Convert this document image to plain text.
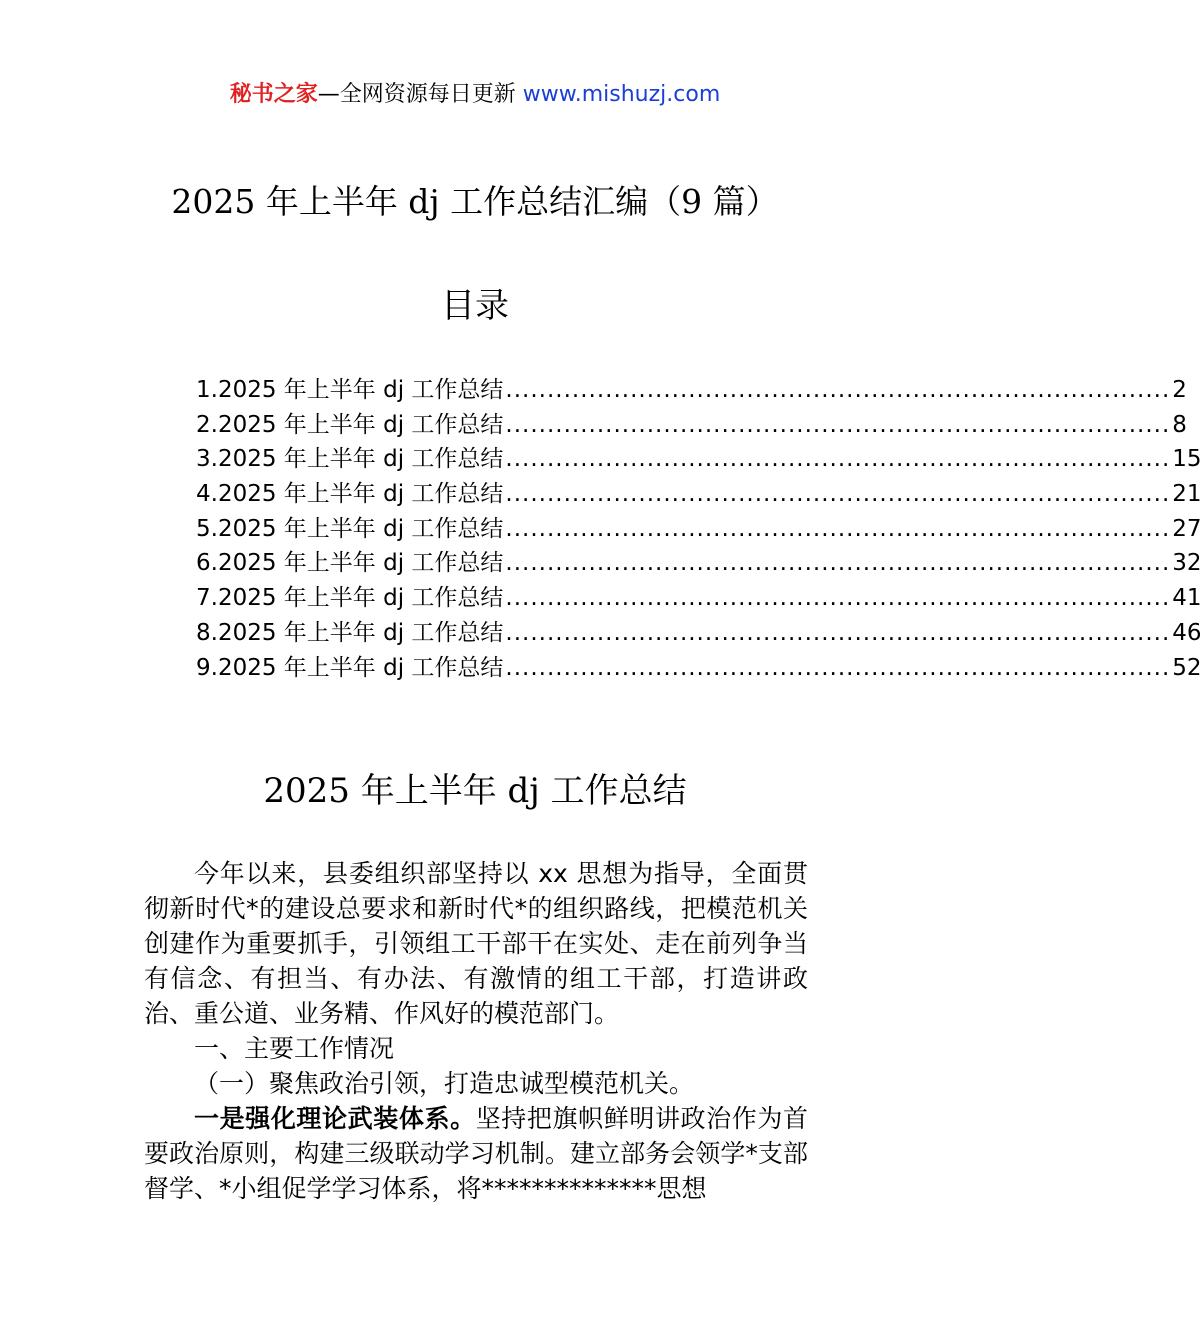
秘书之家—全网资源每日更新 www.mishuzj.com
2025 年上半年 dj 工作总结汇编（9 篇）
目录
1.2025 年上半年 dj 工作总结 ................................................................................ 2
2.2025 年上半年 dj 工作总结 ................................................................................ 8
3.2025 年上半年 dj 工作总结 ................................................................................ 15
4.2025 年上半年 dj 工作总结 ................................................................................ 21
5.2025 年上半年 dj 工作总结 ................................................................................ 27
6.2025 年上半年 dj 工作总结 ................................................................................ 32
7.2025 年上半年 dj 工作总结 ................................................................................ 41
8.2025 年上半年 dj 工作总结 ................................................................................ 46
9.2025 年上半年 dj 工作总结 ................................................................................ 52
2025 年上半年 dj 工作总结

今年以来，县委组织部坚持以 xx 思想为指导，全面贯彻新时代*的建设总要求和新时代*的组织路线，把模范机关创建作为重要抓手，引领组工干部干在实处、走在前列争当有信念、有担当、有办法、有激情的组工干部，打造讲政治、重公道、业务精、作风好的模范部门。

一、主要工作情况

（一）聚焦政治引领，打造忠诚型模范机关。

一是强化理论武装体系。坚持把旗帜鲜明讲政治作为首要政治原则，构建三级联动学习机制。建立部务会领学*支部督学、*小组促学学习体系，将**************思想
